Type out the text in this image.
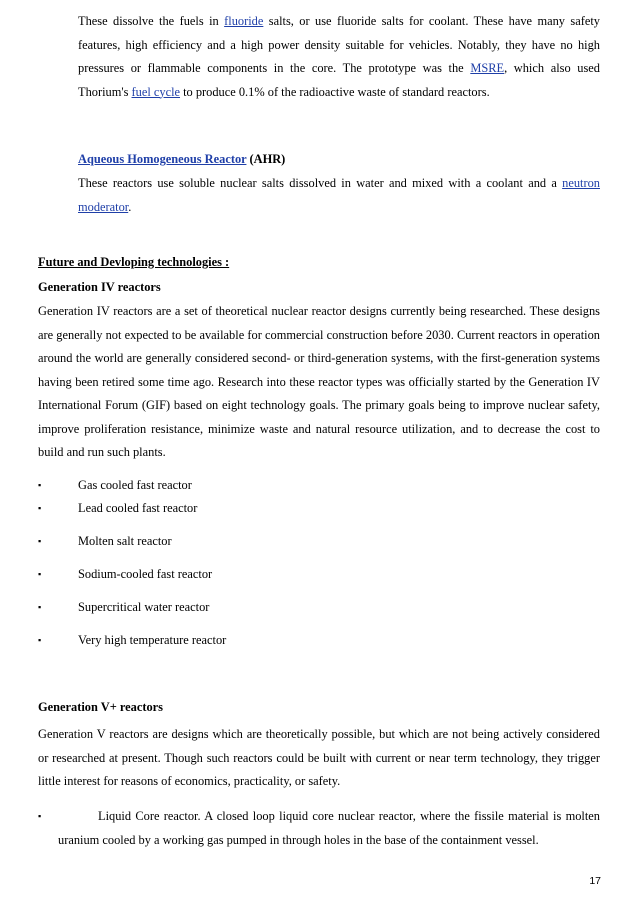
These dissolve the fuels in fluoride salts, or use fluoride salts for coolant. These have many safety features, high efficiency and a high power density suitable for vehicles. Notably, they have no high pressures or flammable components in the core. The prototype was the MSRE, which also used Thorium's fuel cycle to produce 0.1% of the radioactive waste of standard reactors.
Aqueous Homogeneous Reactor (AHR)
These reactors use soluble nuclear salts dissolved in water and mixed with a coolant and a neutron moderator.
Future and Devloping technologies :
Generation IV reactors
Generation IV reactors are a set of theoretical nuclear reactor designs currently being researched. These designs are generally not expected to be available for commercial construction before 2030. Current reactors in operation around the world are generally considered second- or third-generation systems, with the first-generation systems having been retired some time ago. Research into these reactor types was officially started by the Generation IV International Forum (GIF) based on eight technology goals. The primary goals being to improve nuclear safety, improve proliferation resistance, minimize waste and natural resource utilization, and to decrease the cost to build and run such plants.
▪	Gas cooled fast reactor
▪	Lead cooled fast reactor
▪	Molten salt reactor
▪	Sodium-cooled fast reactor
▪	Supercritical water reactor
▪	Very high temperature reactor
Generation V+ reactors
Generation V reactors are designs which are theoretically possible, but which are not being actively considered or researched at present. Though such reactors could be built with current or near term technology, they trigger little interest for reasons of economics, practicality, or safety.
▪	Liquid Core reactor. A closed loop liquid core nuclear reactor, where the fissile material is molten uranium cooled by a working gas pumped in through holes in the base of the containment vessel.
17
